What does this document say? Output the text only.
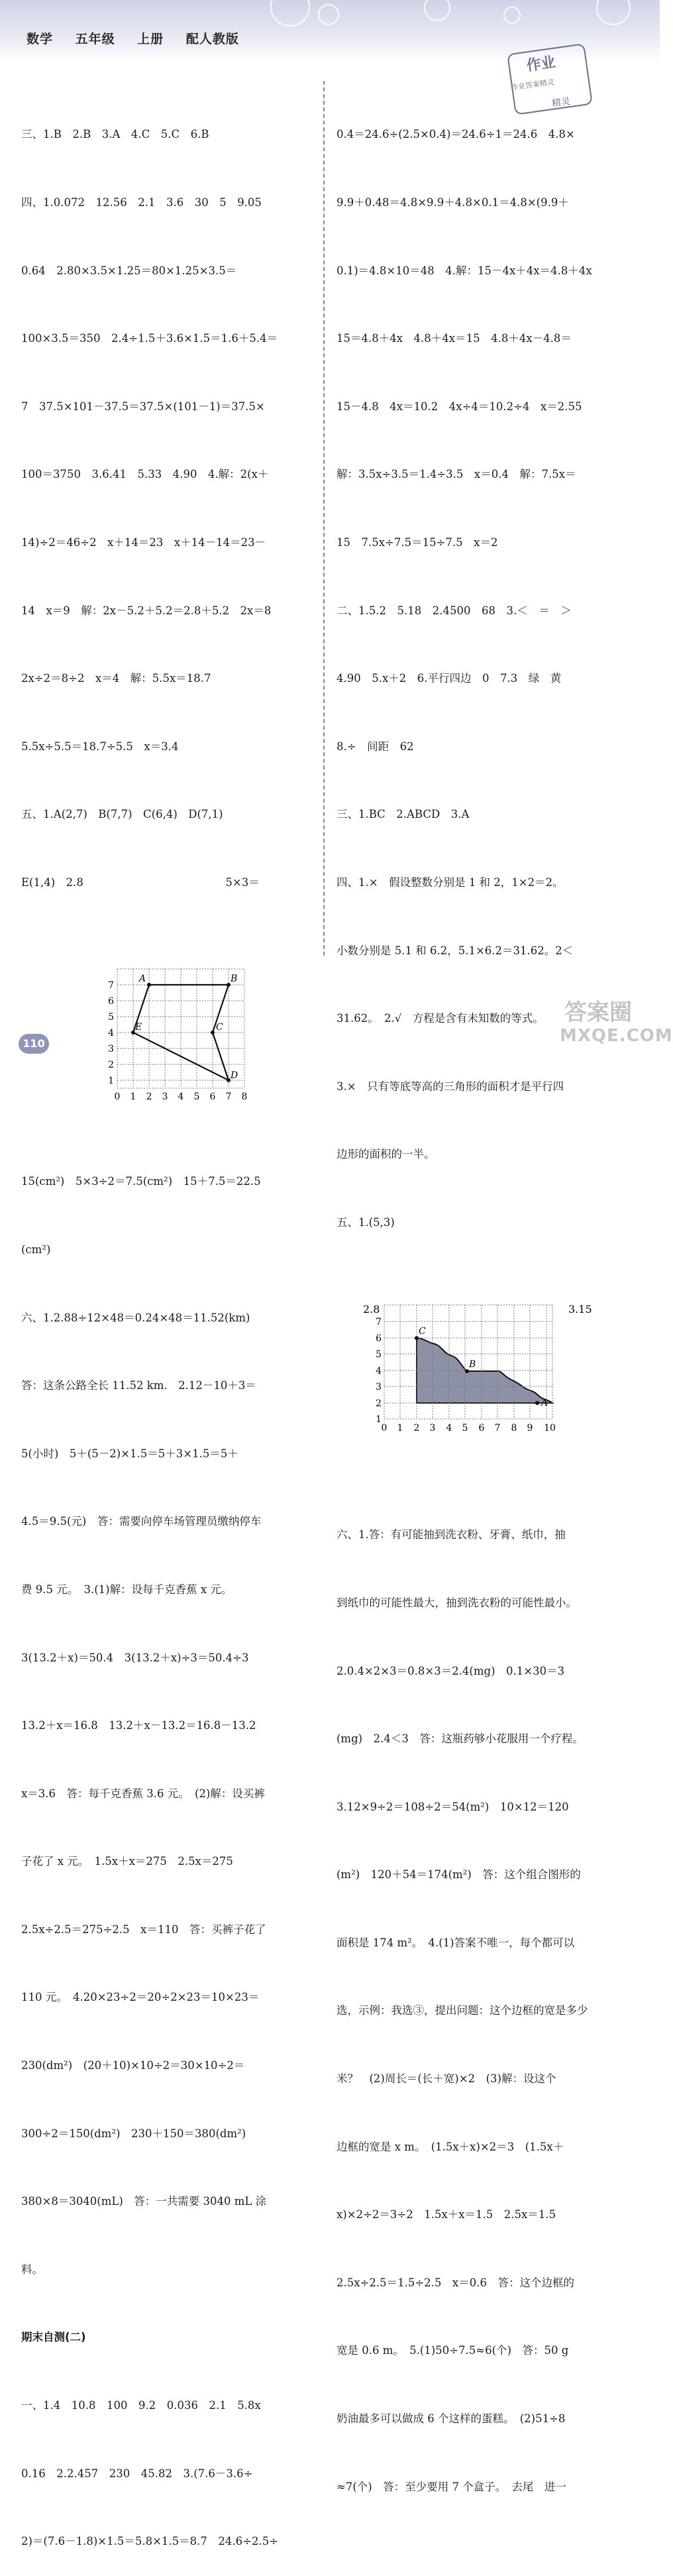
数学 五年级 上册 配人教版
作业
作业答案精灵
精灵

三、1.B　2.B　3.A　4.C　5.C　6.B

四、1.0.072　12.56　2.1　3.6　30　5　9.05

0.64　2.80×3.5×1.25＝80×1.25×3.5＝

100×3.5＝350　2.4÷1.5＋3.6×1.5＝1.6＋5.4＝

7　37.5×101－37.5＝37.5×(101－1)＝37.5×

100＝3750　3.6.41　5.33　4.90　4.解：2(x＋

14)÷2＝46÷2　x＋14＝23　x＋14－14＝23－

14　x＝9　解：2x－5.2＋5.2＝2.8＋5.2　2x＝8

2x÷2＝8÷2　x＝4　解：5.5x＝18.7

5.5x÷5.5＝18.7÷5.5　x＝3.4

五、1.A(2,7)　B(7,7)　C(6,4)　D(7,1)

E(1,4)　2.8　　　　　　　　　　　　　5×3＝

7
6
5
4
3
2
1
0 1 2 3 4 5 6 7 8
A	B
C
D
E

15(cm²)　5×3÷2＝7.5(cm²)　15＋7.5＝22.5

(cm²)

六、1.2.88÷12×48＝0.24×48＝11.52(km)

答：这条公路全长 11.52 km.　2.12－10＋3＝

5(小时)　5＋(5－2)×1.5＝5＋3×1.5＝5＋

4.5＝9.5(元)　答：需要向停车场管理员缴纳停车

费 9.5 元。　3.(1)解：设每千克香蕉 x 元。

3(13.2＋x)＝50.4　3(13.2＋x)÷3＝50.4÷3

13.2＋x＝16.8　13.2＋x－13.2＝16.8－13.2

x＝3.6　答：每千克香蕉 3.6 元。　(2)解：设买裤

子花了 x 元。　1.5x＋x＝275　2.5x＝275

2.5x÷2.5＝275÷2.5　x＝110　答：买裤子花了

110 元。　4.20×23÷2＝20÷2×23＝10×23＝

230(dm²)　(20＋10)×10÷2＝30×10÷2＝

300÷2＝150(dm²)　230＋150＝380(dm²)

380×8＝3040(mL)　答：一共需要 3040 mL 涂

料。

期末自测(二)

一、1.4　10.8　100　9.2　0.036　2.1　5.8x

0.16　2.2.457　230　45.82　3.(7.6－3.6÷

2)＝(7.6－1.8)×1.5＝5.8×1.5＝8.7　24.6÷2.5÷

0.4＝24.6÷(2.5×0.4)＝24.6÷1＝24.6　4.8×

9.9＋0.48＝4.8×9.9＋4.8×0.1＝4.8×(9.9＋

0.1)＝4.8×10＝48　4.解：15－4x＋4x＝4.8＋4x

15＝4.8＋4x　4.8＋4x＝15　4.8＋4x－4.8＝

15－4.8　4x＝10.2　4x÷4＝10.2÷4　x＝2.55

解：3.5x÷3.5＝1.4÷3.5　x＝0.4　解：7.5x＝

15　7.5x÷7.5＝15÷7.5　x＝2

二、1.5.2　5.18　2.4500　68　3.＜　＝　＞

4.90　5.x＋2　6.平行四边　0　7.3　绿　黄

8.÷　间距　62

三、1.BC　2.ABCD　3.A

四、1.×　假设整数分别是 1 和 2，1×2＝2。

小数分别是 5.1 和 6.2，5.1×6.2＝31.62。2＜

31.62。　2.√　方程是含有未知数的等式。

3.×　只有等底等高的三角形的面积才是平行四

边形的面积的一半。

五、1.(5,3)

2.8	3.15
7
6
5
4
3
2
1
0 1 2 3 4 5 6 7 8 9 10
C
B
A

六、1.答：有可能抽到洗衣粉、牙膏、纸巾，抽

到纸巾的可能性最大，抽到洗衣粉的可能性最小。

2.0.4×2×3＝0.8×3＝2.4(mg)　0.1×30＝3

(mg)　2.4＜3　答：这瓶药够小花服用一个疗程。

3.12×9÷2＝108÷2＝54(m²)　10×12＝120

(m²)　120＋54＝174(m²)　答：这个组合图形的

面积是 174 m²。　4.(1)答案不唯一，每个都可以

选，示例：我选③，提出问题：这个边框的宽是多少

米？　(2)周长＝(长＋宽)×2　(3)解：设这个

边框的宽是 x m。　(1.5x＋x)×2＝3　(1.5x＋

x)×2÷2＝3÷2　1.5x＋x＝1.5　2.5x＝1.5

2.5x÷2.5＝1.5÷2.5　x＝0.6　答：这个边框的

宽是 0.6 m。　5.(1)50÷7.5≈6(个)　答：50 g

奶油最多可以做成 6 个这样的蛋糕。　(2)51÷8

≈7(个)　答：至少要用 7 个盒子。　去尾　进一

110
答案圈
MXQE.COM
